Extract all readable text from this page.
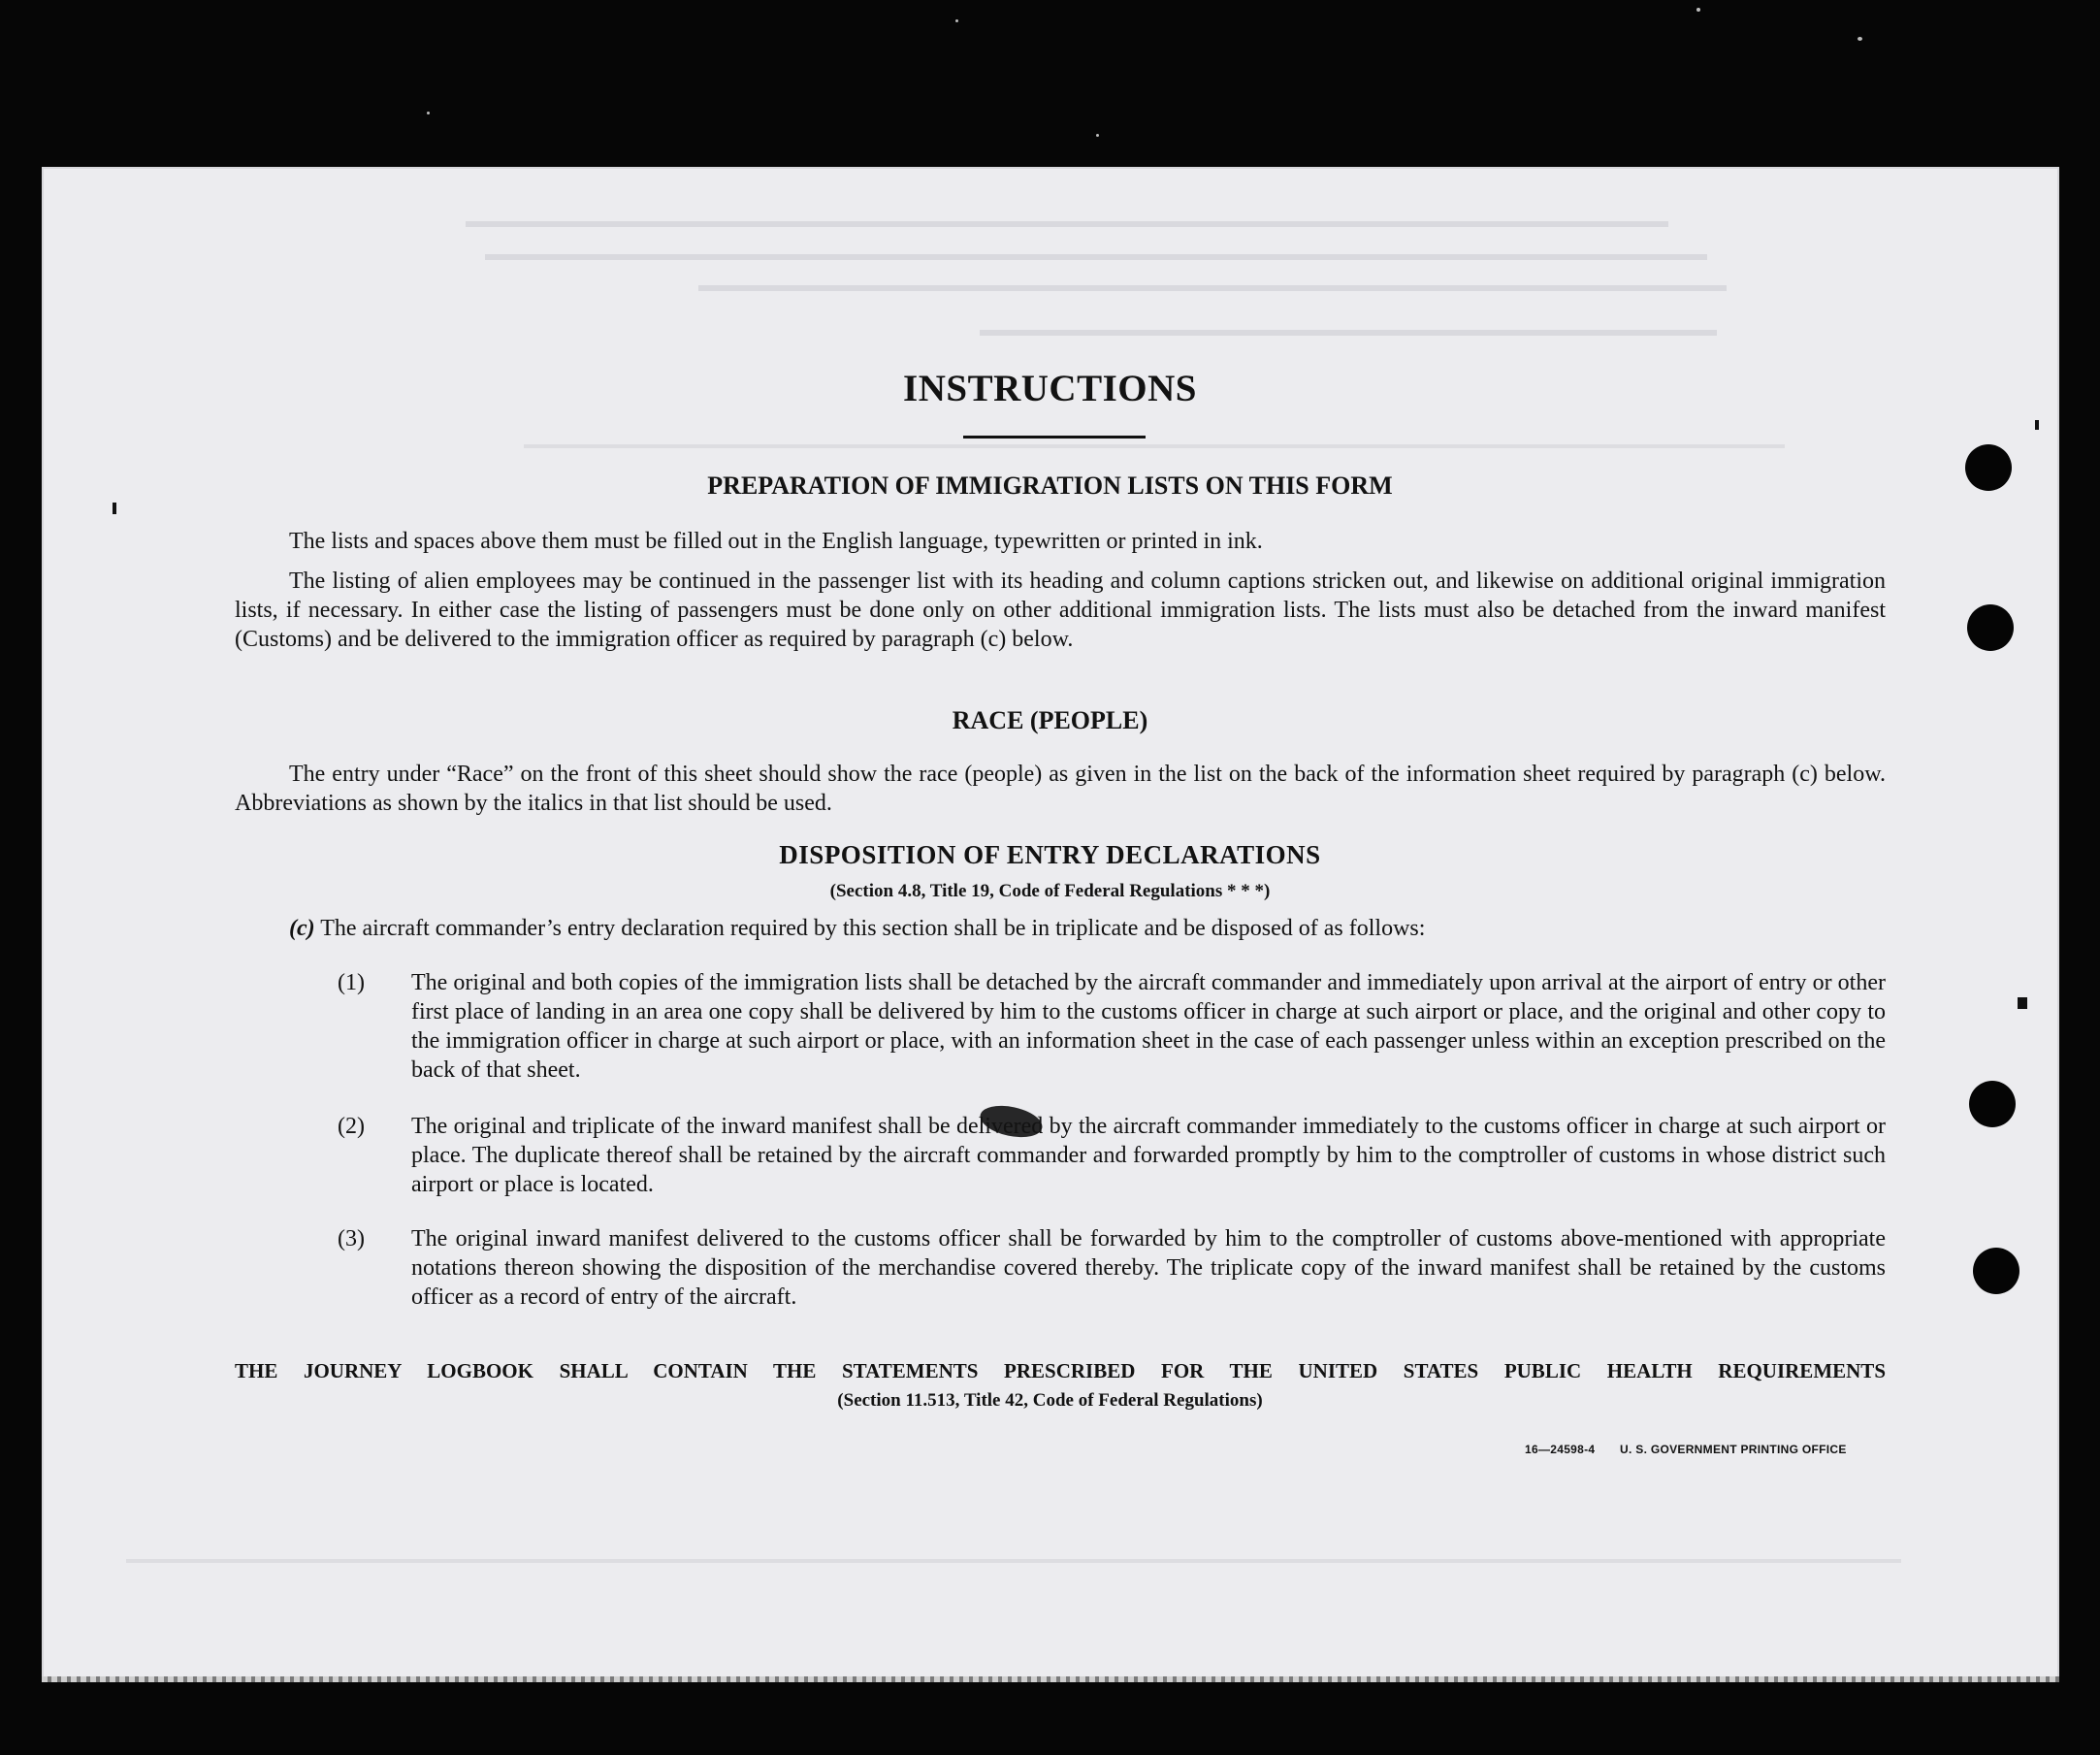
INSTRUCTIONS
PREPARATION OF IMMIGRATION LISTS ON THIS FORM
The lists and spaces above them must be filled out in the English language, typewritten or printed in ink.
The listing of alien employees may be continued in the passenger list with its heading and column captions stricken out, and likewise on additional original immigration lists, if necessary. In either case the listing of passengers must be done only on other additional immigration lists. The lists must also be detached from the inward manifest (Customs) and be delivered to the immigration officer as required by paragraph (c) below.
RACE (PEOPLE)
The entry under “Race” on the front of this sheet should show the race (people) as given in the list on the back of the information sheet required by paragraph (c) below. Abbreviations as shown by the italics in that list should be used.
DISPOSITION OF ENTRY DECLARATIONS
(Section 4.8, Title 19, Code of Federal Regulations * * *)
(c) The aircraft commander’s entry declaration required by this section shall be in triplicate and be disposed of as follows:
(1) The original and both copies of the immigration lists shall be detached by the aircraft commander and immediately upon arrival at the airport of entry or other first place of landing in an area one copy shall be delivered by him to the customs officer in charge at such airport or place, and the original and other copy to the immigration officer in charge at such airport or place, with an information sheet in the case of each passenger unless within an exception prescribed on the back of that sheet.
(2) The original and triplicate of the inward manifest shall be delivered by the aircraft commander immediately to the customs officer in charge at such airport or place. The duplicate thereof shall be retained by the aircraft commander and forwarded promptly by him to the comptroller of customs in whose district such airport or place is located.
(3) The original inward manifest delivered to the customs officer shall be forwarded by him to the comptroller of customs above-mentioned with appropriate notations thereon showing the disposition of the merchandise covered thereby. The triplicate copy of the inward manifest shall be retained by the customs officer as a record of entry of the aircraft.
THE JOURNEY LOGBOOK SHALL CONTAIN THE STATEMENTS PRESCRIBED FOR THE UNITED STATES PUBLIC HEALTH REQUIREMENTS
(Section 11.513, Title 42, Code of Federal Regulations)
16—24598-4 U. S. GOVERNMENT PRINTING OFFICE
